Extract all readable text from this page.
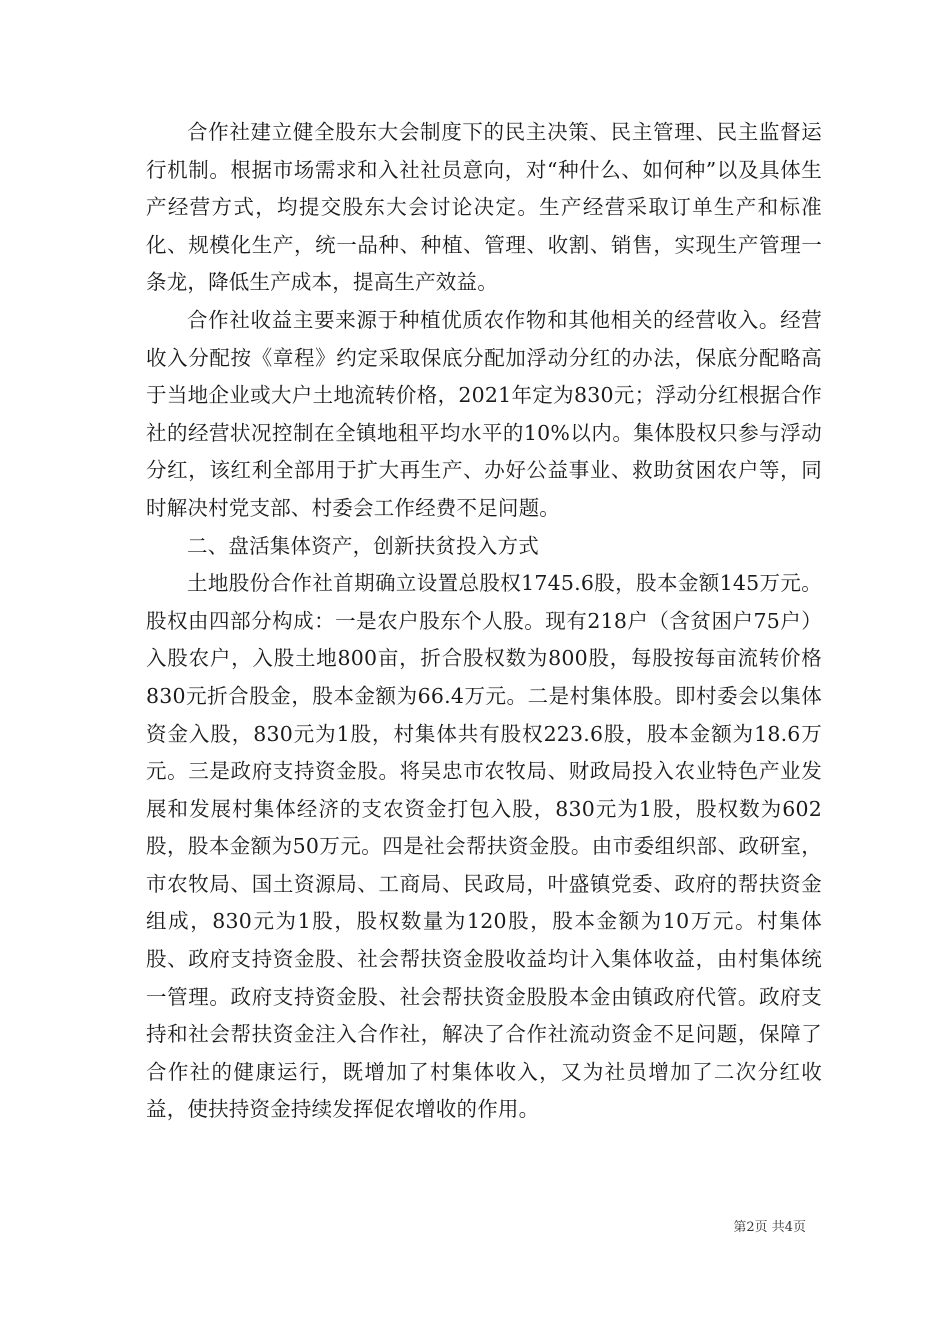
合作社建立健全股东大会制度下的民主决策、民主管理、民主监督运行机制。根据市场需求和入社社员意向，对“种什么、如何种”以及具体生产经营方式，均提交股东大会讨论决定。生产经营采取订单生产和标准化、规模化生产，统一品种、种植、管理、收割、销售，实现生产管理一条龙，降低生产成本，提高生产效益。

合作社收益主要来源于种植优质农作物和其他相关的经营收入。经营收入分配按《章程》约定采取保底分配加浮动分红的办法，保底分配略高于当地企业或大户土地流转价格，2021年定为830元；浮动分红根据合作社的经营状况控制在全镇地租平均水平的10%以内。集体股权只参与浮动分红，该红利全部用于扩大再生产、办好公益事业、救助贫困农户等，同时解决村党支部、村委会工作经费不足问题。

二、盘活集体资产，创新扶贫投入方式

土地股份合作社首期确立设置总股权1745.6股，股本金额145万元。股权由四部分构成：一是农户股东个人股。现有218户（含贫困户75户）入股农户，入股土地800亩，折合股权数为800股，每股按每亩流转价格830元折合股金，股本金额为66.4万元。二是村集体股。即村委会以集体资金入股，830元为1股，村集体共有股权223.6股，股本金额为18.6万元。三是政府支持资金股。将吴忠市农牧局、财政局投入农业特色产业发展和发展村集体经济的支农资金打包入股，830元为1股，股权数为602股，股本金额为50万元。四是社会帮扶资金股。由市委组织部、政研室，市农牧局、国土资源局、工商局、民政局，叶盛镇党委、政府的帮扶资金组成，830元为1股，股权数量为120股，股本金额为10万元。村集体股、政府支持资金股、社会帮扶资金股收益均计入集体收益，由村集体统一管理。政府支持资金股、社会帮扶资金股股本金由镇政府代管。政府支持和社会帮扶资金注入合作社，解决了合作社流动资金不足问题，保障了合作社的健康运行，既增加了村集体收入，又为社员增加了二次分红收益，使扶持资金持续发挥促农增收的作用。

第2页 共4页
